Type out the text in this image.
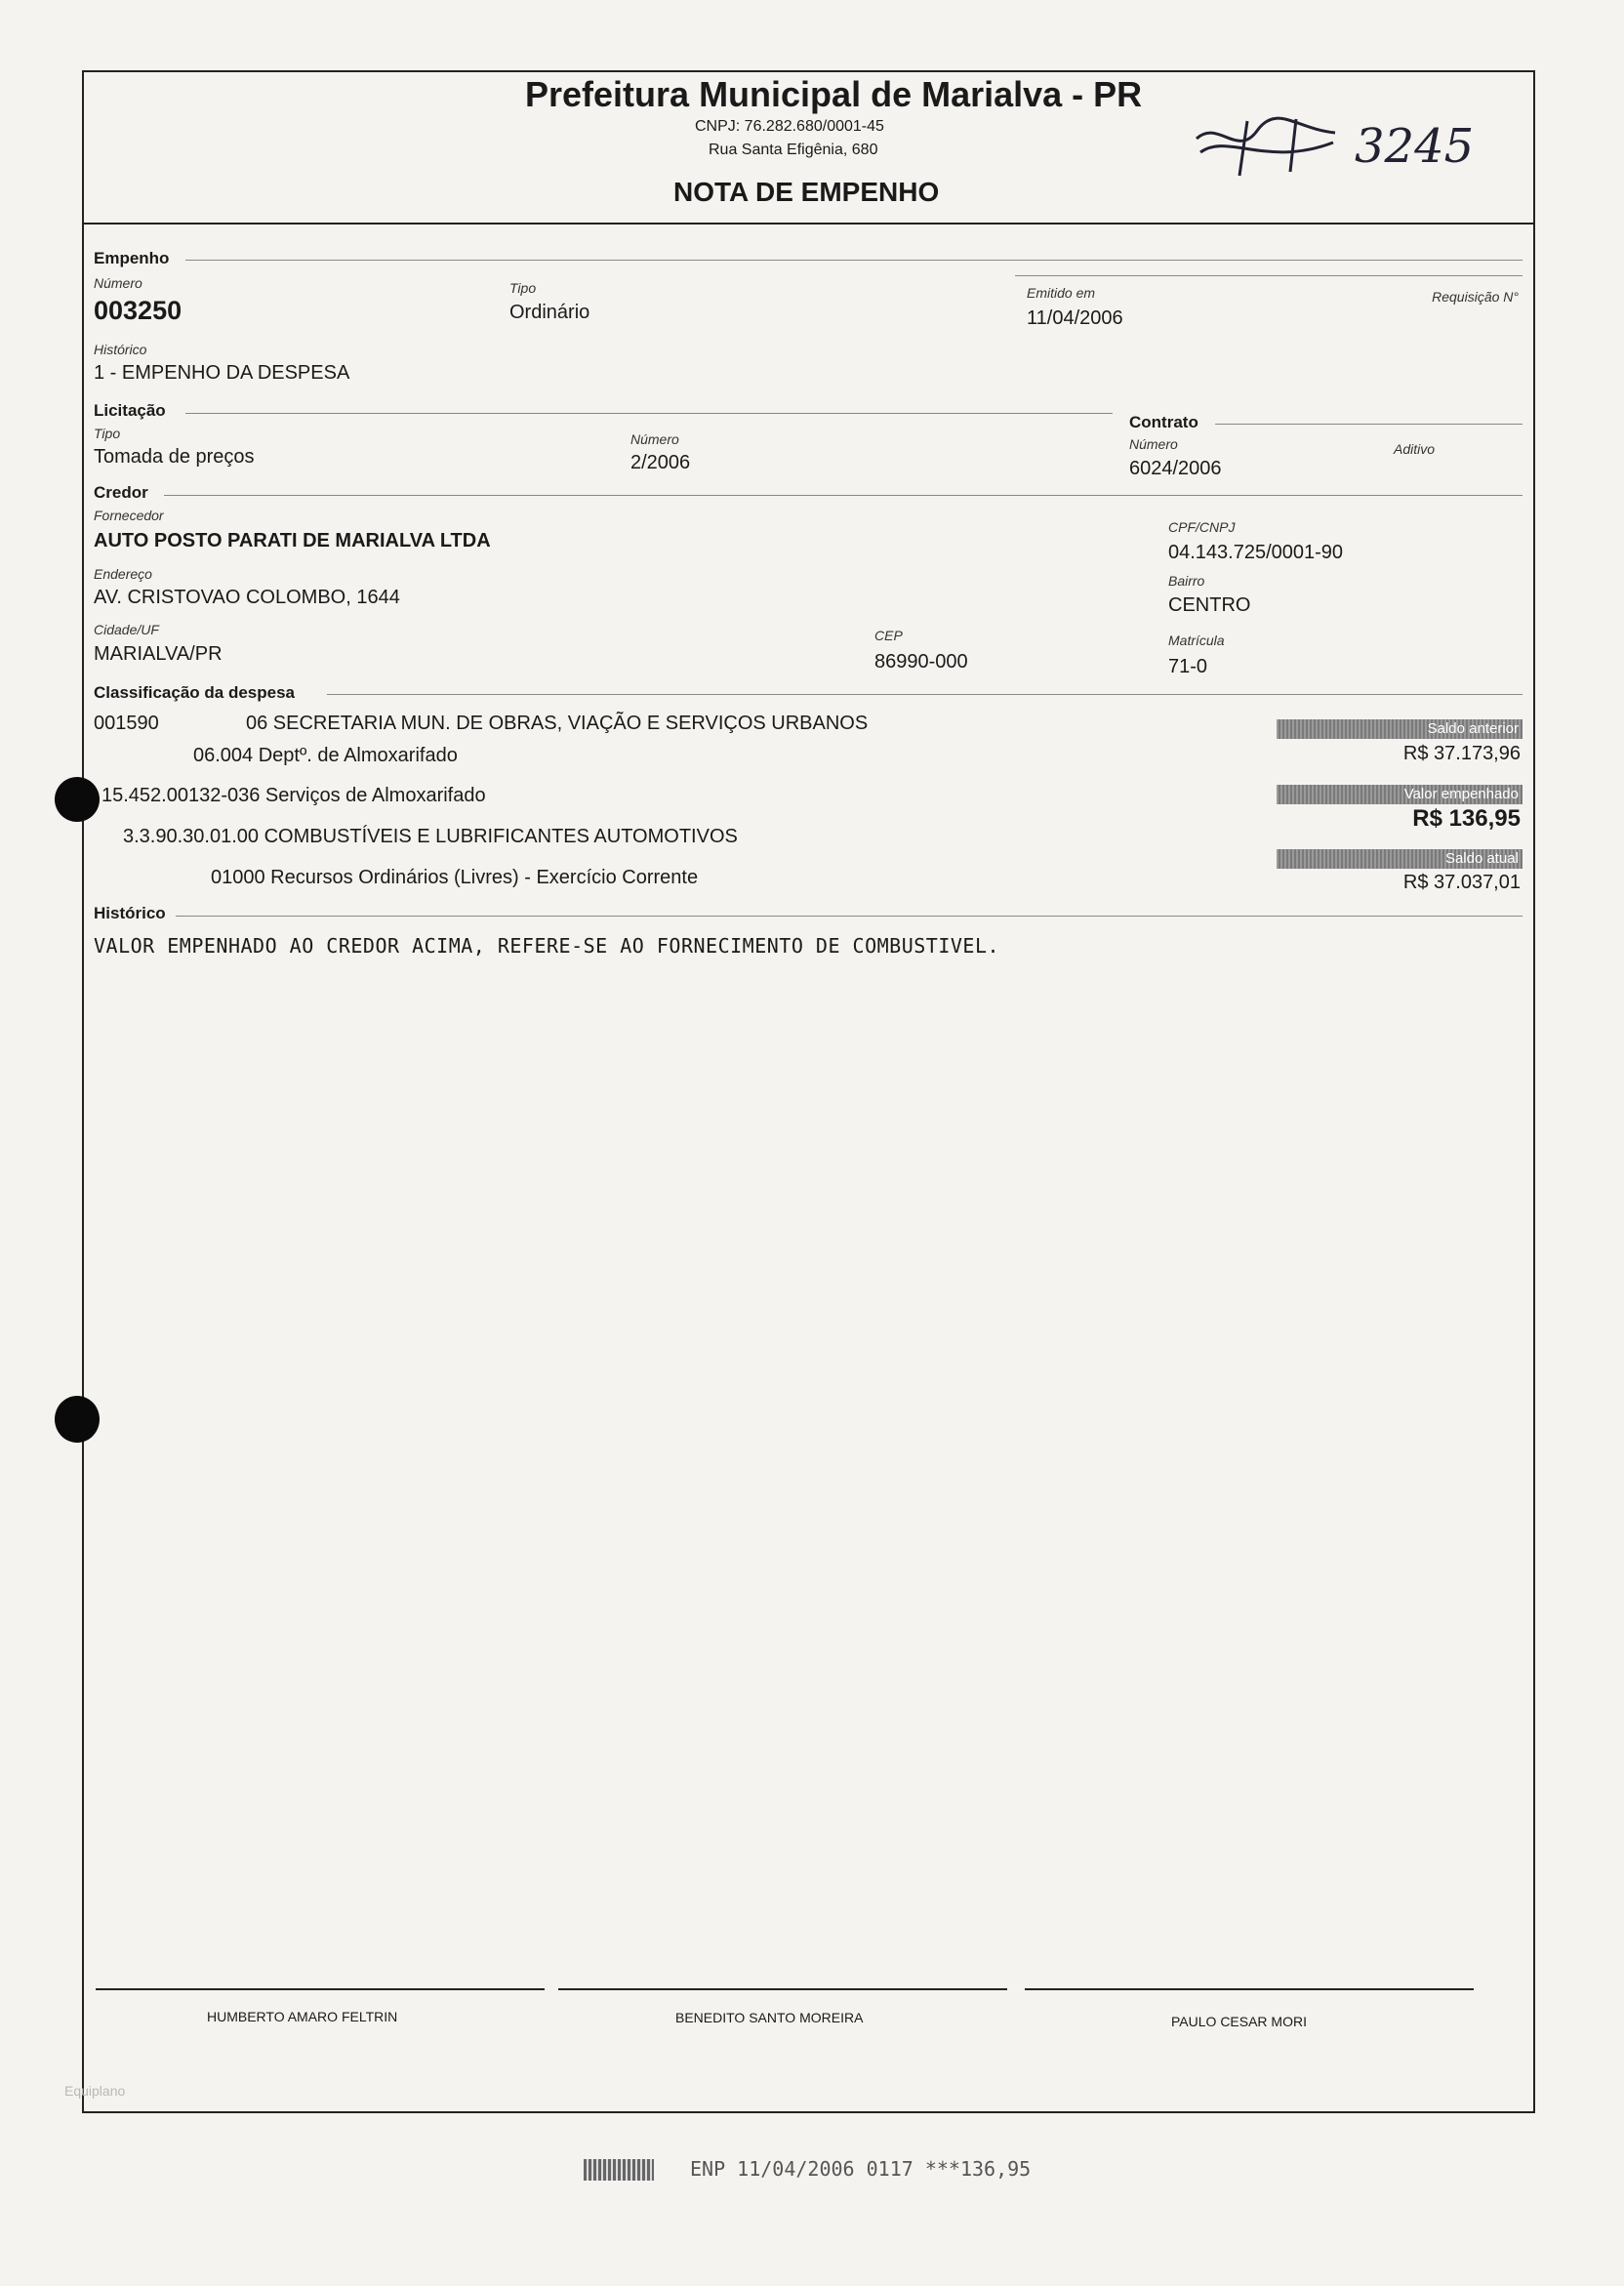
Prefeitura Municipal de Marialva - PR
CNPJ: 76.282.680/0001-45
Rua Santa Efigênia, 680
NOTA DE EMPENHO
3245
Empenho
Número
003250
Tipo
Ordinário
Emitido em
11/04/2006
Requisição N°
Histórico
1 - EMPENHO DA DESPESA
Licitação
Contrato
Tipo
Tomada de preços
Número
2/2006
Número
6024/2006
Aditivo
Credor
Fornecedor
AUTO POSTO PARATI DE MARIALVA LTDA
CPF/CNPJ
04.143.725/0001-90
Endereço
AV. CRISTOVAO COLOMBO, 1644
Bairro
CENTRO
Cidade/UF
MARIALVA/PR
CEP
86990-000
Matrícula
71-0
Classificação da despesa
001590	06 SECRETARIA MUN. DE OBRAS, VIAÇÃO E SERVIÇOS URBANOS
06.004 Deptº. de Almoxarifado
15.452.00132-036 Serviços de Almoxarifado
3.3.90.30.01.00 COMBUSTÍVEIS E LUBRIFICANTES AUTOMOTIVOS
01000 Recursos Ordinários (Livres) - Exercício Corrente
Saldo anterior
R$ 37.173,96
Valor empenhado
R$ 136,95
Saldo atual
R$ 37.037,01
Histórico
VALOR EMPENHADO AO CREDOR ACIMA, REFERE-SE AO FORNECIMENTO DE COMBUSTIVEL.
HUMBERTO AMARO FELTRIN	BENEDITO SANTO MOREIRA	PAULO CESAR MORI
Equiplano
ENP 11/04/2006 0117 ***136,95
